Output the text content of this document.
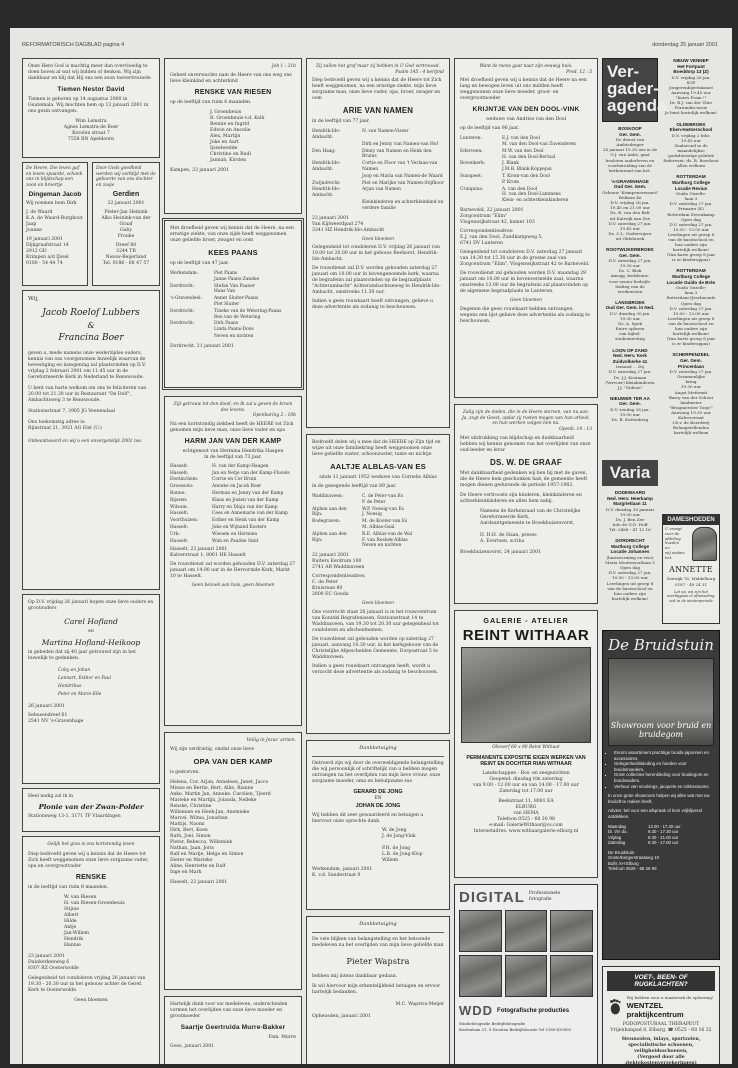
REFORMATORISCH DAGBLAD pagina 4	donderdag 25 januari 2001
Onze Here God is machtig meer dan overvloedig te doen boven al wat wij bidden of denken. Wij zijn dankbaar en blij dat Hij ons een zoon toevertrouwde
Tiemen Nestor David
Tiemen is geboren op 14 augustus 2000 in Guatemala. Wij mochten hem op 13 januari 2001 in ons gezin ontvangen.
Wim Lemstra
Agnes Lemstra-de Boer
Korolen straat 7
7558 RN Apeldoorn
De Heere, Die leven gaf en leven spaarde, schonk ons in blijdschap een zoon en broertje
Dingeman Jacob
Wij noemen hem Dirk
J. de Waard
K.A. de Waard-Burghout
Jaap
Joanne
19 januari 2001
Dijkgraafstraat 14
2912 GD
Krimpen a/d IJssel
0180 - 54 44 74
Door Gods goedheid werden wij verblijd met de geboorte van ons dochter en zusje
Gerdien
22 januari 2001
Pieter-Jan Heinink
Alko Heinink-van der Graaf
Gaby
Frouke
Dreef 80
3244 TR
Nieuw-Beijerland
Tel. 0186 - 60 47 57
Wij,
Jacob Roelof Lubbers
&
Francina Boer
geven u, mede namens onze wederzijdse ouders, kennis van ons voorgenomen huwelijk waarvan de bevestiging en inzegening zal plaatsvinden op D.V. vrijdag 2 februari 2001 om 11.45 uur in de Gereformeerde Kerk in Nederland te Renswoude.
U bent van harte welkom om ons te feliciteren van 20.00 tot 21.30 uur in Restaurant "De Dolf", Ambachtsweg 3 te Renswoude.
Stationsstraat 7, 3905 JG Veenendaal
Ons toekomstig adres is:
Rijnstraat 21, 3921 AG Elst (U.)
Onbeantwoord en wij u een onvergetelijk 2001 toe.
Op D.V. vrijdag 26 januari hopen onze lieve ouders en grootouders
Carel Hofland
en
Martina Hofland-Heikoop
in gebeden dat zij 40 jaar getrouwd zijn in het huwelijk te gedenken.
Coby en Johan
Lennart, Esther en Paul
Hendrikus
Peter en Marie-Elle
26 januari 2001
Sebusendreef 61
2541 NV 's-Gravenhage
Heel nodig zal ik in
Plonie van der Zwan-Polder
Stationsweg 13-1, 3171 TF Vlaardingen
Gelijk het gras is ons kortstondig leven
Diep bedroefd geven wij u kennis dat de Heere tot Zich heeft weggenomen onze lieve zorgzame vader, opa en overgrootvader
RENSKE
in de leeftijd van ruim 8 maanden.
W. van Riesen
H. van Riesen-Groenheuis
Stijnie
Albert
Hilde
Antje
Jan-Willem
Hendrik
Hannie
23 januari 2001
Duinkerkenweg 6
8307 RZ Oosterwolde
Gelegenheid tot condoleren vrijdag 26 januari van 19.30 - 20.30 uur in het gebouw achter de Geref. Kerk te Oosterwolde.
Geen bloemen
Job 1 : 21b
Geheel onverwachts nam de Heere van ons weg ons lieve kleinkind en achterkind
RENSKE VAN RIESEN
op de leeftijd van ruim 6 maanden.
J. Groenheuis
R. Groenheuis-v.d. Kolk
Bennie en Ingrid
Edwin en Ancelie
Alex, Martijn
Joke en Aart
Ijsselwedde
Christine en Rudi
Jannah, Kirsten
Kampen, 23 januari 2001
Met droefheid geven wij kennis dat de Heere, na een ernstige ziekte, van onze zijde heeft weggenomen onze geliefde broer, zwager en oom
KEES PAANS
op de leeftijd van 47 jaar.
Werkendam:	Piet Paans
Janne Paans-Zandee
Dordrecht:	Stefan Van Paaner
Hans Van
's-Gravendeel:	Annet Sluiter-Paans
Piet Sluiter
Dordrecht:	Tineke van de Wetering-Paans
Ben van de Wetering
Dordrecht:	Dirk Paans
Linda Paans-Dons
Neven en nichten
Dordrecht, 21 januari 2001
Zijt getrouw tot den dood, en Ik zal u geven de kroon des levens.
Openbaring 2 : 10b
Na een kortstondig ziekbed heeft de HEERE tot Zich genomen mijn lieve man, onze lieve vader en opa
HARM JAN VAN DER KAMP
echtgenoot van Hermina Hendrika Haagen
in de leeftijd van 73 jaar.
Hasselt:	H. van der Kamp-Haagen
Hasselt:	Jan en Netje van der Kamp-Fluvels
Doetinchem:	Corrie en Cor Bruin
Groessolo:	Anneke en Jacob Boer
Bunne:	Herman en Jenny van der Kamp
Rijssen:	Klaas en Jozien van der Kamp
Wilsum:	Harry en Dinja van der Kamp
Hasselt:	Cees en Annemarie van der Kamp
Voorthuizen:	Esther en Henk van der Kamp
Hasselt:	Joke en Wijnand Kosters
Urk:	Wiesem en Hermien
Hasselt:	Wim en Pauline Smit
Hasselt, 23 januari 2001
Kalverstraat 1, 8061 HE Hasselt
De rouwdienst zal worden gehouden D.V. zaterdag 27 januari om 14.00 uur in de Hervormde Kerk, Markt 10 te Hasselt.
Geen bezoek aan huis, geen bloemen
Veilig in Jezus' armen.
Wij zijn verdrietig, omdat onze lieve
OPA VAN DER KAMP
is gestorven.
Helena, Cor, Arjan, Anneleen, Janet, Jacco
Minne en Bertie, Bert, Allie, Rianne
Anke, Martin Jan, Anneke, Carolien, Tjeerd
Marieke en Martijn, Jolanda, Nelleke
Renske, Christine
Willemien en Henk-Jan, Anemieke
Marcel, Wilma, Jonathan
Mattijs, Naomi
Dirk, Bert, Koen
Ruth, Joel, Simon
Pieter, Rebecca, Willemiek
Nathan, Jaan, Joris
Ralf en Marije, Helga en Simon
Dieter en Marieke
Aline, Henriette en Ralf
Inge en Mark
Hasselt, 23 januari 2001
Hartelijk dank voor uw medeleven, onderscheiden vormen het overlijden van onze lieve moeder en grootmoeder
Saartje Geertruida Murre-Bakker
Fam. Murre
Goes, januari 2001
Zij zullen het graf maar zij hebben in U God vertrouwd.
Psalm 145 : 4 berijmd
Diep bedroefd geven wij u kennis dat de Heere tot Zich heeft weggenomen, na een ernstige ziekte, mijn lieve zorgzame man, onze lieve vader, opa, broer, zwager en oom
ARIE VAN NAMEN
in de leeftijd van 77 jaar.
Hendrik-Ido-Ambacht:
N. van Namen-Visser
Dirk en Jenny van Namen-van Hof
Den Haag:	Dinny van Namen en Henk den Bruins
Hendrik-Ido-Ambacht:
Cortie en Floor van 't Verlaan-van Namen
Joop en Maria van Namen-de Waard
Zwijndrecht:	Piet en Marijke van Namen-Stijfhoor
Hendrik-Ido-Ambacht:
Arjan van Namen
Kleinkinderen en achterkleinkind en verdere familie
23 januari 2001
Van Kijlweerdpad 274
3341 HZ Hendrik-Ido-Ambacht
Geen bloemen
Gelegenheid tot condoleren D.V. vrijdag 26 januari van 19.00 tot 20.00 uur in het gebouw Reehorst, Hendrik-Ido-Ambacht.
De rouwdienst zal D.V. worden gehouden zaterdag 27 januari om 10.00 uur in bovengenoemde kerk, waarna de begrafenis zal plaatsvinden op de begraafplaats "Achterambacht" Achterambachtseweg te Hendrik-Ido-Ambacht, omstreeks 11.30 uur.
Indien u geen rouwkaart heeft ontvangen, gelieve u deze advertentie als zodanig te beschouwen.
Bedroefd delen wij u mee dat de HEERE op Zijn tijd en wijze uit onze familiekring heeft weggenomen onze lieve geliefde zuster, schoonzuster, tante en nichtje
AALTJE ALBLAS-VAN ES
sinds 11 januari 1952 weduwe van Cornelis Alblas
in de gezegende leeftijd van 89 jaar.
Waddinxveen:	C. de Peter-van Es
P. de Peter
Alphen aan den Rijn:
W.P. Noesig-van Es
J. Noesig
Bodegraven:	M. de Kooter-van Es
M. Alblas-Gaal
Alphen aan den Rijn:
R.E. Alblas-van de Wal
F. van Rosbek-Alblas
Neven en nichten
22 januari 2001
Ruiters Eerdrum 100
2741 AR Waddinxveen
Correspondentieadres:
C. de Peter
Kruisrean 80
2800 EC Gouda
Geen bloemen
Ons voorrecht staat 26 januari is in het rouwcentrum van Koninkl Begrafenissen, Stationsstraat 14 te Waddinxveen, van 19.30 tot 20.30 uur gelegenheid tot condoleren en afscheidnemen.
De rouwdienst zal gehouden worden op zaterdag 27 januari, aanvang 10.30 uur, in het kerkgebouw van de Christelijke Afgescheiden Gemeente, Dorpsstraat 5 te Waddinxveen.
Indien u geen rouwkaart ontvangen heeft, wordt u verzocht deze advertentie als zodanig te beschouwen.
Dankbetuiging
Ontroerd zijn wij door de overweldigende belangstelling die wij persoonlijk of schriftelijk van u hebben mogen ontvangen na het overlijden van mijn lieve vrouw, onze zorgzame moeder, oma en behulpzame zus
GERARD DE JONG
EN
JOHAN DE JONG
Wij hebben dit zeer gewaardeerd en betuigen u hiervoor onze oprechte dank.
W. de Jong
J. de Jong-Vink

P.H. de Jong
L.B. de Jong-Klop
Willem
Werkendam, januari 2001
K. v.d. Sandestraat 9
Dankbetuiging
De vele blijken van belangstelling en het betoonde medeleven na het overlijden van mijn lieve geliefde man
Pieter Wapstra
hebben mij intens dankbaar gedaan.
Ik wil hiervoor mijn erkentelijkheid betuigen en ervoor hartelijk bedanken.
M.C. Wapstra-Meijer
Opheusden, januari 2001
Want de mens gaat naar zijn eeuwig huis.
Pred. 12 : 5
Met droefheid geven wij u kennis dat de Heere na een lang en bewogen leven uit ons midden heeft weggenomen onze lieve moeder, groot- en overgrootmoeder
KRIJNTJE VAN DEN DOOL-VINK
weduwe van Andries van den Dool
op de leeftijd van 96 jaar.
Lunteren:	E.J. van den Dool
M. van den Dool-van Zuvenderen
Ederveen:	M.W. van den Dool
H. van den Dool-Bertsal
Bovenkerk:	J. Blank
J.M.B. Blank-Koppejan
Sunspeet:	T. Krom-van den Dool
P. Krom
Cruiquius:	A. van den Dool
H. van den Dool-Lammens
Klein- en achterkleinkinderen
Barneveld, 22 januari 2001
Zorgcentrum "Elim"
Vlogenwijkstraat 42, kamer 103
Correspondentieadres:
E.J. van den Dool, Zandkampweg 5,
6741 DV Lunteren
Gelegenheid tot condoleren D.V. zaterdag 27 januari van 14.30 tot 15.30 uur in de groene zaal van Zorgcentrum "Elim", Vlogenwijkstraat 42 te Barneveld.
De rouwdienst zal gehouden worden D.V. maandag 29 januari om 10.00 uur in bovenvermelde zaal, waarna omstreeks 13.00 uur de begrafenis zal plaatsvinden op de algemene begraafplaats te Lunteren.
Geen bloemen
Degenen die geen rouwkaart hebben ontvangen, wegens een lijst gelieve deze advertentie als zodanig te beschouwen.
Zalig zijn de doden, die in de Heere sterven, van nu aan. Ja, zegt de Geest, opdat zij rusten mogen van hun arbeid, en hun werken volgen hen na.
Openb. 14 : 13
Met uitdrukking van blijdschap en dankbaarheid hebben wij kennis genomen van het overlijden van onze oud-leeder en lerar
DS. W. DE GRAAF
Met dankbaarheid gedenken wij hen bij met de gaven, die de Heere hem geschonken had, de gemeente heeft mogen dienen gedurende de periode 1957-1982.
De Heere vertrooste zijn kinderen, kleinkinderen en achterkleinkinderen en allen hem nabij.
Namens de Kerkenraad van de Christelijke Gereformeerde Kerk,
Aardeantgemeente te Broekhuizenvorst,

D. H.H. de Haan, preses
A. Evertsen, scriba
Broekhuizenvorst, 24 januari 2001
GALERIE - ATELIER
REINT WITHAAR
Olieverf 60 x 90 Reint Withaar
PERMANENTE EXPOSITIE EIGEN WERKEN VAN REINT EN DOCHTER RIAN WITHAAR
Landschappen - Bos- en zeegezichten
Geopend: dinsdag t/m zaterdag
van 9.00 - 12.00 uur en van 14.00 - 17.00 uur
Zaterdag tot 17.00 uur
Beekstraat 11, 8081 EA
ELBURG
van HEMA
Telefoon 0525 - 68 26 98
e-mail: GalerieWithaar@cs.com
Internetadres: www.withaargalerie-elburg.nl
DIGITAL Professionele
fotografie
WDD Fotografische producties
Studiefotografie Bedrijfsfotografie
Boelenlaan 21, 9 Dronten Bedrijfslocatie Tel 0180-415000
Ver-
gader-
agenda
BOSKOOP
Ger. Gem.
De dienst van Ambtsdrager
24 januari 19.30 uur in de
G.J. van Aalst, gaat
besloten ouderleven en
voorbereiding van de
kerkenraad van het.
's-GRAVENHAGE
Oud Ger. Gem.
Gebouw 'Krimpenerwaard'
Weikom 46
D.V. vrijdag 26 jan.
19.45 en 21.00 uur
Ds. B. van den Belt
uit Katwijk aan Zee
D.V. zaterdag 27 jan.
19.45 uur
Ds. C.L. Onderwijzer
uit Oldebroek
ROOTWIJKERBROEK
Ger. Gem.
D.V. zaterdag 27 jan.
19.30 uur
Ds. C. Blok
Amsgg, kerkbouw-
voor senior bedrijfs-
leiding van de
erediensten
LANGBROEK
Oud Ger. Gem. in Ned.
D.V. dinsdag 30 jan.
19.30 uur
Ds. A. Spek
Entre opleren
van bijbel-
studiemeeting
LOON OP ZAND
Ned. Herv. Kerk
Zuidvolkerke 41
Iemand ... Dij
D.V. zaterdag 27 jan.
Ds. J.J. Kooiman
(Vervoer) kleinkinderen
J.J. "Gideon"
NIEUWER TER AA
Ger. Gem.
D.V. zondag 28 jan.
19.00 uur
Ds. B. Kattenberg
NIEUW VENNEP
Het Fortpunt
Boeddorp 13 (Z)
D.V. vrijdag 26 jan.
SGP
Jongerenbijeenkomst
Aanvang 19.45 uur
"Koers Fram !"
Dr. B.J. van der Vlier
Forumdiscussie
Je bent hartelijk welkom!
OLDEBROEK
Eben-Haëzerschool
D.V. vrijdag 2 febr.
19.45 uur
Zaalavond in de
maandelijkse
godsdienstige politiek
Refereent: ds. R. Boerhout
Allen welkom
ROTTERDAM
Wartburg College
Locatie Revius
Guido Gezelle-
laan 3
D.V. zaterdag 27 jan.
Primaire (K)
Rotterdam-Zevenkamp
Open dag
D.V. zaterdag 27 jan.
10.00 - 13.00 uur
Leerlingen uit groep 8
van de basisschool en
hun ouders zijn
hartelijk welkom!
(Van harte groep 8 jaar
is er kinderoppas)
ROTTERDAM
Wartburg College
Locatie Guido de Brès
Guido Gezelle-
laan 3
Rotterdam-IJsselmonde
Open dag
D.V. zaterdag 27 jan.
10.00 - 13.00 uur
Leerlingen uit groep 8
van de basisschool en
hun ouders zijn
hartelijk welkom!
(Van harte groep 8 jaar
is er kinderoppas)
SCHERPENZEEL
Ger. Gem.
Princenlaan
D.V. zaterdag 27 jan.
Gezamenlijke
kring
19.30 uur
Angst Mettemit
Barry van der Schoot
landmeter
"Brugmeester Tony!"
Aanvang 19.30 uur
Kalverstraat
t.b.v. de Boerderij
Belangstellenden
hartelijk welkom
Varia
DODEWAARD
Ned. Herv. Heerkamp
Margrietlaan 11
D.V. dinsdag 30 januari
19.00 uur
Ds. J. Ben Zee
Info de G.D. Hoff
Tel. 0488 - 41 12 16
DORDRECHT
Wartburg College
Locatie Johannes
(basisvorming en vwo)
Maria Montessorilaan 5
Open dag
D.V. zaterdag 27 jan.
10.00 - 13.00 uur
Leerlingen uit groep 8
van de basisschool en
hun ouders zijn
hartelijk welkom!
DAMESHOEDEN
U vraagt
voor de
afdeling hoeden
en
wij maken
het.
ANNETTE
Zeewijk 76, Middelburg
0187 - 48 24 31
Let op, wij zijn het voorbijgaan in afwisseling, ook in de winterperiode
De Bruidstuin
Showroom voor bruid en bruidegom
▪ Enorm assortiment prachtige bruids-japonnen en accessoires.
▪ Gelegenheidskleding en hoeden voor bruidsmoeders.
▪ Grote collecties herenkleding voor bruidegom en bruidsvaders.
▪ Verhuur van smokings, jacquets en rokkostuums.
In onze grote showroom helpen wij alles wat met uw bruiloft te maken heeft.
Advies: bel voor een afspraak of kom vrijblijvend ontdekken.
Maandag	13.00 - 17.30 uur
Di. t/m do.	9.30 - 17.30 uur
Vrijdag	9.30 - 21.00 uur
Zaterdag	9.30 - 17.00 uur
De Bruidstuin
Oosterbergerstraatweg 10
Bolls XH Elburg
Telefoon 0525 - 68 26 99
VOET-, BEEN- OF RUGKLACHTEN?
Wij hebben voor u maatwerk de oplossing!
WENTZEL praktijkcentrum
PODOPOSTURAAL THERAPEUT
Vrijenbanpad 8, Elburg, ☎ 0525 - 68 16 32
Steunzolen, inlays, sportzolen,
specialistische schoenen, veiligheidsschoenen,
(Vergoed door alle ziektekostenverzekeringen)
